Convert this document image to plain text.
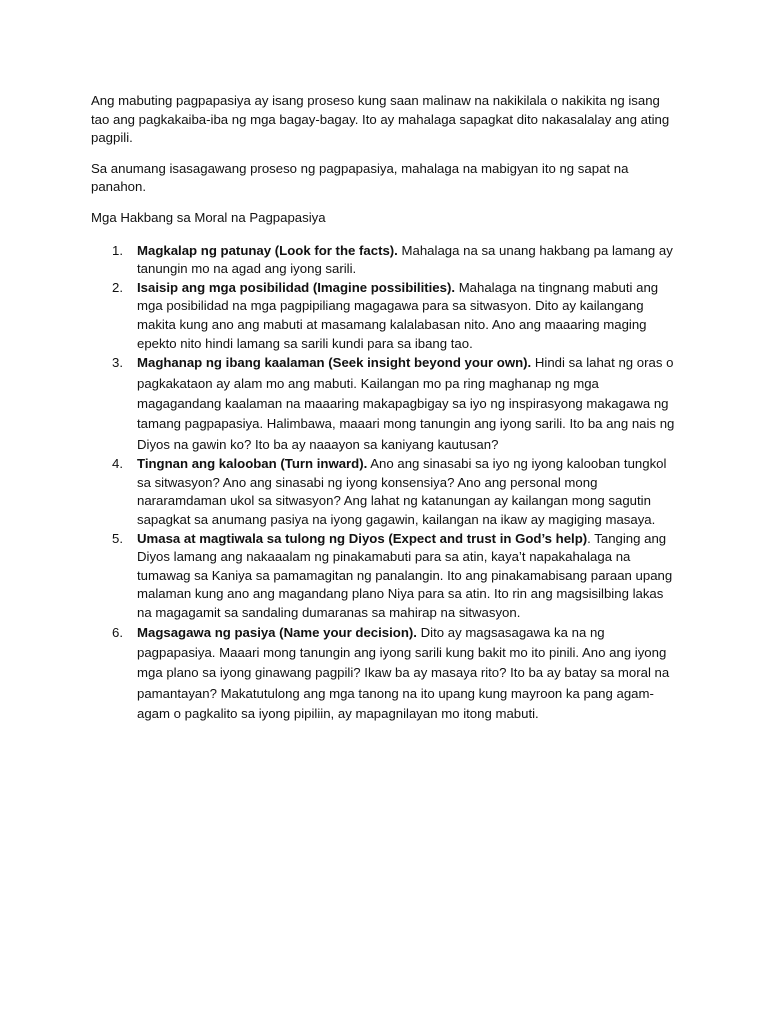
Ang mabuting pagpapasiya ay isang proseso kung saan malinaw na nakikilala o nakikita ng isang tao ang pagkakaiba-iba ng mga bagay-bagay. Ito ay mahalaga sapagkat dito nakasalalay ang ating pagpili.

Sa anumang isasagawang proseso ng pagpapasiya, mahalaga na mabigyan ito ng sapat na panahon.

Mga Hakbang sa Moral na Pagpapasiya

1. Magkalap ng patunay (Look for the facts). Mahalaga na sa unang hakbang pa lamang ay tanungin mo na agad ang iyong sarili.
2. Isaisip ang mga posibilidad (Imagine possibilities). Mahalaga na tingnang mabuti ang mga posibilidad na mga pagpipiliang magagawa para sa sitwasyon. Dito ay kailangang makita kung ano ang mabuti at masamang kalalabasan nito. Ano ang maaaring maging epekto nito hindi lamang sa sarili kundi para sa ibang tao.
3. Maghanap ng ibang kaalaman (Seek insight beyond your own). Hindi sa lahat ng oras o pagkakataon ay alam mo ang mabuti. Kailangan mo pa ring maghanap ng mga magagandang kaalaman na maaaring makapagbigay sa iyo ng inspirasyong makagawa ng tamang pagpapasiya. Halimbawa, maaari mong tanungin ang iyong sarili. Ito ba ang nais ng Diyos na gawin ko? Ito ba ay naaayon sa kaniyang kautusan?
4. Tingnan ang kalooban (Turn inward). Ano ang sinasabi sa iyo ng iyong kalooban tungkol sa sitwasyon? Ano ang sinasabi ng iyong konsensiya? Ano ang personal mong nararamdaman ukol sa sitwasyon? Ang lahat ng katanungan ay kailangan mong sagutin sapagkat sa anumang pasiya na iyong gagawin, kailangan na ikaw ay magiging masaya.
5. Umasa at magtiwala sa tulong ng Diyos (Expect and trust in God’s help). Tanging ang Diyos lamang ang nakaaalam ng pinakamabuti para sa atin, kaya’t napakahalaga na tumawag sa Kaniya sa pamamagitan ng panalangin. Ito ang pinakamabisang paraan upang malaman kung ano ang magandang plano Niya para sa atin. Ito rin ang magsisilbing lakas na magagamit sa sandaling dumaranas sa mahirap na sitwasyon.
6. Magsagawa ng pasiya (Name your decision). Dito ay magsasagawa ka na ng pagpapasiya. Maaari mong tanungin ang iyong sarili kung bakit mo ito pinili. Ano ang iyong mga plano sa iyong ginawang pagpili? Ikaw ba ay masaya rito? Ito ba ay batay sa moral na pamantayan? Makatutulong ang mga tanong na ito upang kung mayroon ka pang agam-agam o pagkalito sa iyong pipiliin, ay mapagnilayan mo itong mabuti.
